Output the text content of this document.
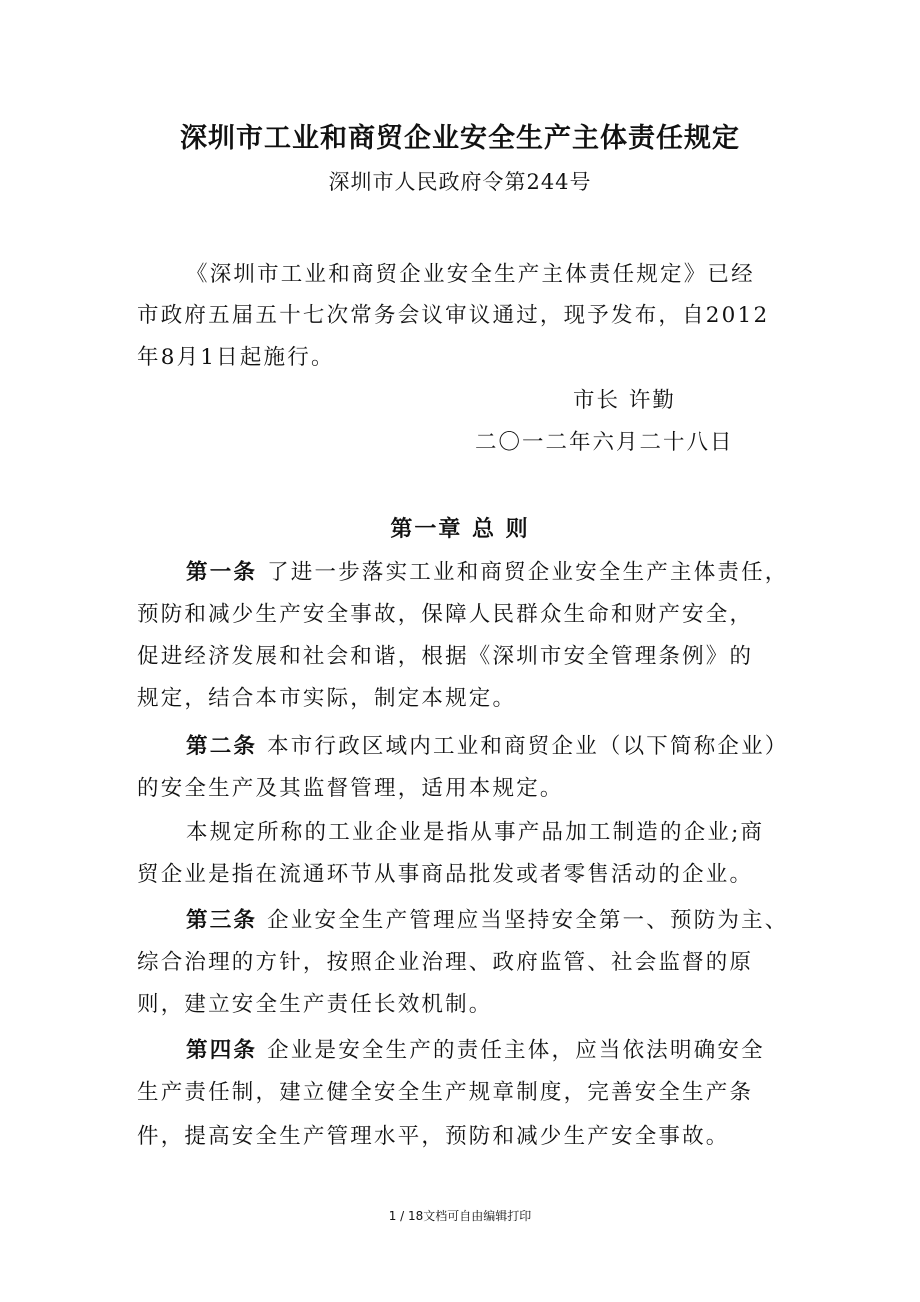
深圳市工业和商贸企业安全生产主体责任规定
深圳市人民政府令第244号
《深圳市工业和商贸企业安全生产主体责任规定》已经
市政府五届五十七次常务会议审议通过，现予发布，自2012
年8月1日起施行。
市长 许勤
二〇一二年六月二十八日
第一章 总 则
第一条 了进一步落实工业和商贸企业安全生产主体责任，
预防和减少生产安全事故，保障人民群众生命和财产安全，
促进经济发展和社会和谐，根据《深圳市安全管理条例》的
规定，结合本市实际，制定本规定。
第二条 本市行政区域内工业和商贸企业（以下简称企业）
的安全生产及其监督管理，适用本规定。
本规定所称的工业企业是指从事产品加工制造的企业;商
贸企业是指在流通环节从事商品批发或者零售活动的企业。
第三条 企业安全生产管理应当坚持安全第一、预防为主、
综合治理的方针，按照企业治理、政府监管、社会监督的原
则，建立安全生产责任长效机制。
第四条 企业是安全生产的责任主体，应当依法明确安全
生产责任制，建立健全安全生产规章制度，完善安全生产条
件，提高安全生产管理水平，预防和减少生产安全事故。
1 / 18文档可自由编辑打印
